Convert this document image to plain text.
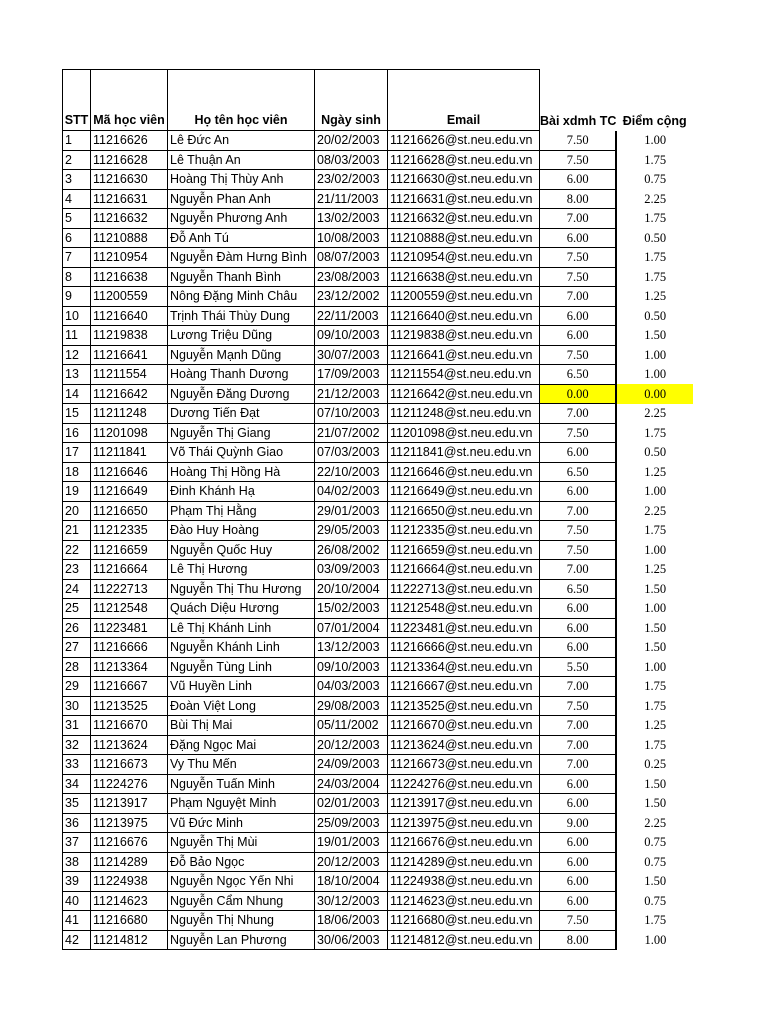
STT	Mã học viên	Họ tên học viên	Ngày sinh	Email	Bài xdmh TC	Điểm cộng
1	11216626	Lê Đức An	20/02/2003	11216626@st.neu.edu.vn	7.50	1.00
2	11216628	Lê Thuận An	08/03/2003	11216628@st.neu.edu.vn	7.50	1.75
3	11216630	Hoàng Thị Thùy Anh	23/02/2003	11216630@st.neu.edu.vn	6.00	0.75
4	11216631	Nguyễn Phan Anh	21/11/2003	11216631@st.neu.edu.vn	8.00	2.25
5	11216632	Nguyễn Phương Anh	13/02/2003	11216632@st.neu.edu.vn	7.00	1.75
6	11210888	Đỗ Anh Tú	10/08/2003	11210888@st.neu.edu.vn	6.00	0.50
7	11210954	Nguyễn Đàm Hưng Bình	08/07/2003	11210954@st.neu.edu.vn	7.50	1.75
8	11216638	Nguyễn Thanh Bình	23/08/2003	11216638@st.neu.edu.vn	7.50	1.75
9	11200559	Nông Đặng Minh Châu	23/12/2002	11200559@st.neu.edu.vn	7.00	1.25
10	11216640	Trịnh Thái Thùy Dung	22/11/2003	11216640@st.neu.edu.vn	6.00	0.50
11	11219838	Lương Triệu Dũng	09/10/2003	11219838@st.neu.edu.vn	6.00	1.50
12	11216641	Nguyễn Mạnh Dũng	30/07/2003	11216641@st.neu.edu.vn	7.50	1.00
13	11211554	Hoàng Thanh Dương	17/09/2003	11211554@st.neu.edu.vn	6.50	1.00
14	11216642	Nguyễn Đăng Dương	21/12/2003	11216642@st.neu.edu.vn	0.00	0.00
15	11211248	Dương Tiến Đạt	07/10/2003	11211248@st.neu.edu.vn	7.00	2.25
16	11201098	Nguyễn Thị Giang	21/07/2002	11201098@st.neu.edu.vn	7.50	1.75
17	11211841	Võ Thái Quỳnh Giao	07/03/2003	11211841@st.neu.edu.vn	6.00	0.50
18	11216646	Hoàng Thị Hồng Hà	22/10/2003	11216646@st.neu.edu.vn	6.50	1.25
19	11216649	Đinh Khánh Hạ	04/02/2003	11216649@st.neu.edu.vn	6.00	1.00
20	11216650	Phạm Thị Hằng	29/01/2003	11216650@st.neu.edu.vn	7.00	2.25
21	11212335	Đào Huy Hoàng	29/05/2003	11212335@st.neu.edu.vn	7.50	1.75
22	11216659	Nguyễn Quốc Huy	26/08/2002	11216659@st.neu.edu.vn	7.50	1.00
23	11216664	Lê Thị Hương	03/09/2003	11216664@st.neu.edu.vn	7.00	1.25
24	11222713	Nguyễn Thị Thu Hương	20/10/2004	11222713@st.neu.edu.vn	6.50	1.50
25	11212548	Quách Diệu Hương	15/02/2003	11212548@st.neu.edu.vn	6.00	1.00
26	11223481	Lê Thị Khánh Linh	07/01/2004	11223481@st.neu.edu.vn	6.00	1.50
27	11216666	Nguyễn Khánh Linh	13/12/2003	11216666@st.neu.edu.vn	6.00	1.50
28	11213364	Nguyễn Tùng Linh	09/10/2003	11213364@st.neu.edu.vn	5.50	1.00
29	11216667	Vũ Huyền Linh	04/03/2003	11216667@st.neu.edu.vn	7.00	1.75
30	11213525	Đoàn Việt Long	29/08/2003	11213525@st.neu.edu.vn	7.50	1.75
31	11216670	Bùi Thị Mai	05/11/2002	11216670@st.neu.edu.vn	7.00	1.25
32	11213624	Đặng Ngọc Mai	20/12/2003	11213624@st.neu.edu.vn	7.00	1.75
33	11216673	Vy Thu Mến	24/09/2003	11216673@st.neu.edu.vn	7.00	0.25
34	11224276	Nguyễn Tuấn Minh	24/03/2004	11224276@st.neu.edu.vn	6.00	1.50
35	11213917	Phạm Nguyệt Minh	02/01/2003	11213917@st.neu.edu.vn	6.00	1.50
36	11213975	Vũ Đức Minh	25/09/2003	11213975@st.neu.edu.vn	9.00	2.25
37	11216676	Nguyễn Thị Mùi	19/01/2003	11216676@st.neu.edu.vn	6.00	0.75
38	11214289	Đỗ Bảo Ngọc	20/12/2003	11214289@st.neu.edu.vn	6.00	0.75
39	11224938	Nguyễn Ngọc Yến Nhi	18/10/2004	11224938@st.neu.edu.vn	6.00	1.50
40	11214623	Nguyễn Cẩm Nhung	30/12/2003	11214623@st.neu.edu.vn	6.00	0.75
41	11216680	Nguyễn Thị Nhung	18/06/2003	11216680@st.neu.edu.vn	7.50	1.75
42	11214812	Nguyễn Lan Phương	30/06/2003	11214812@st.neu.edu.vn	8.00	1.00
